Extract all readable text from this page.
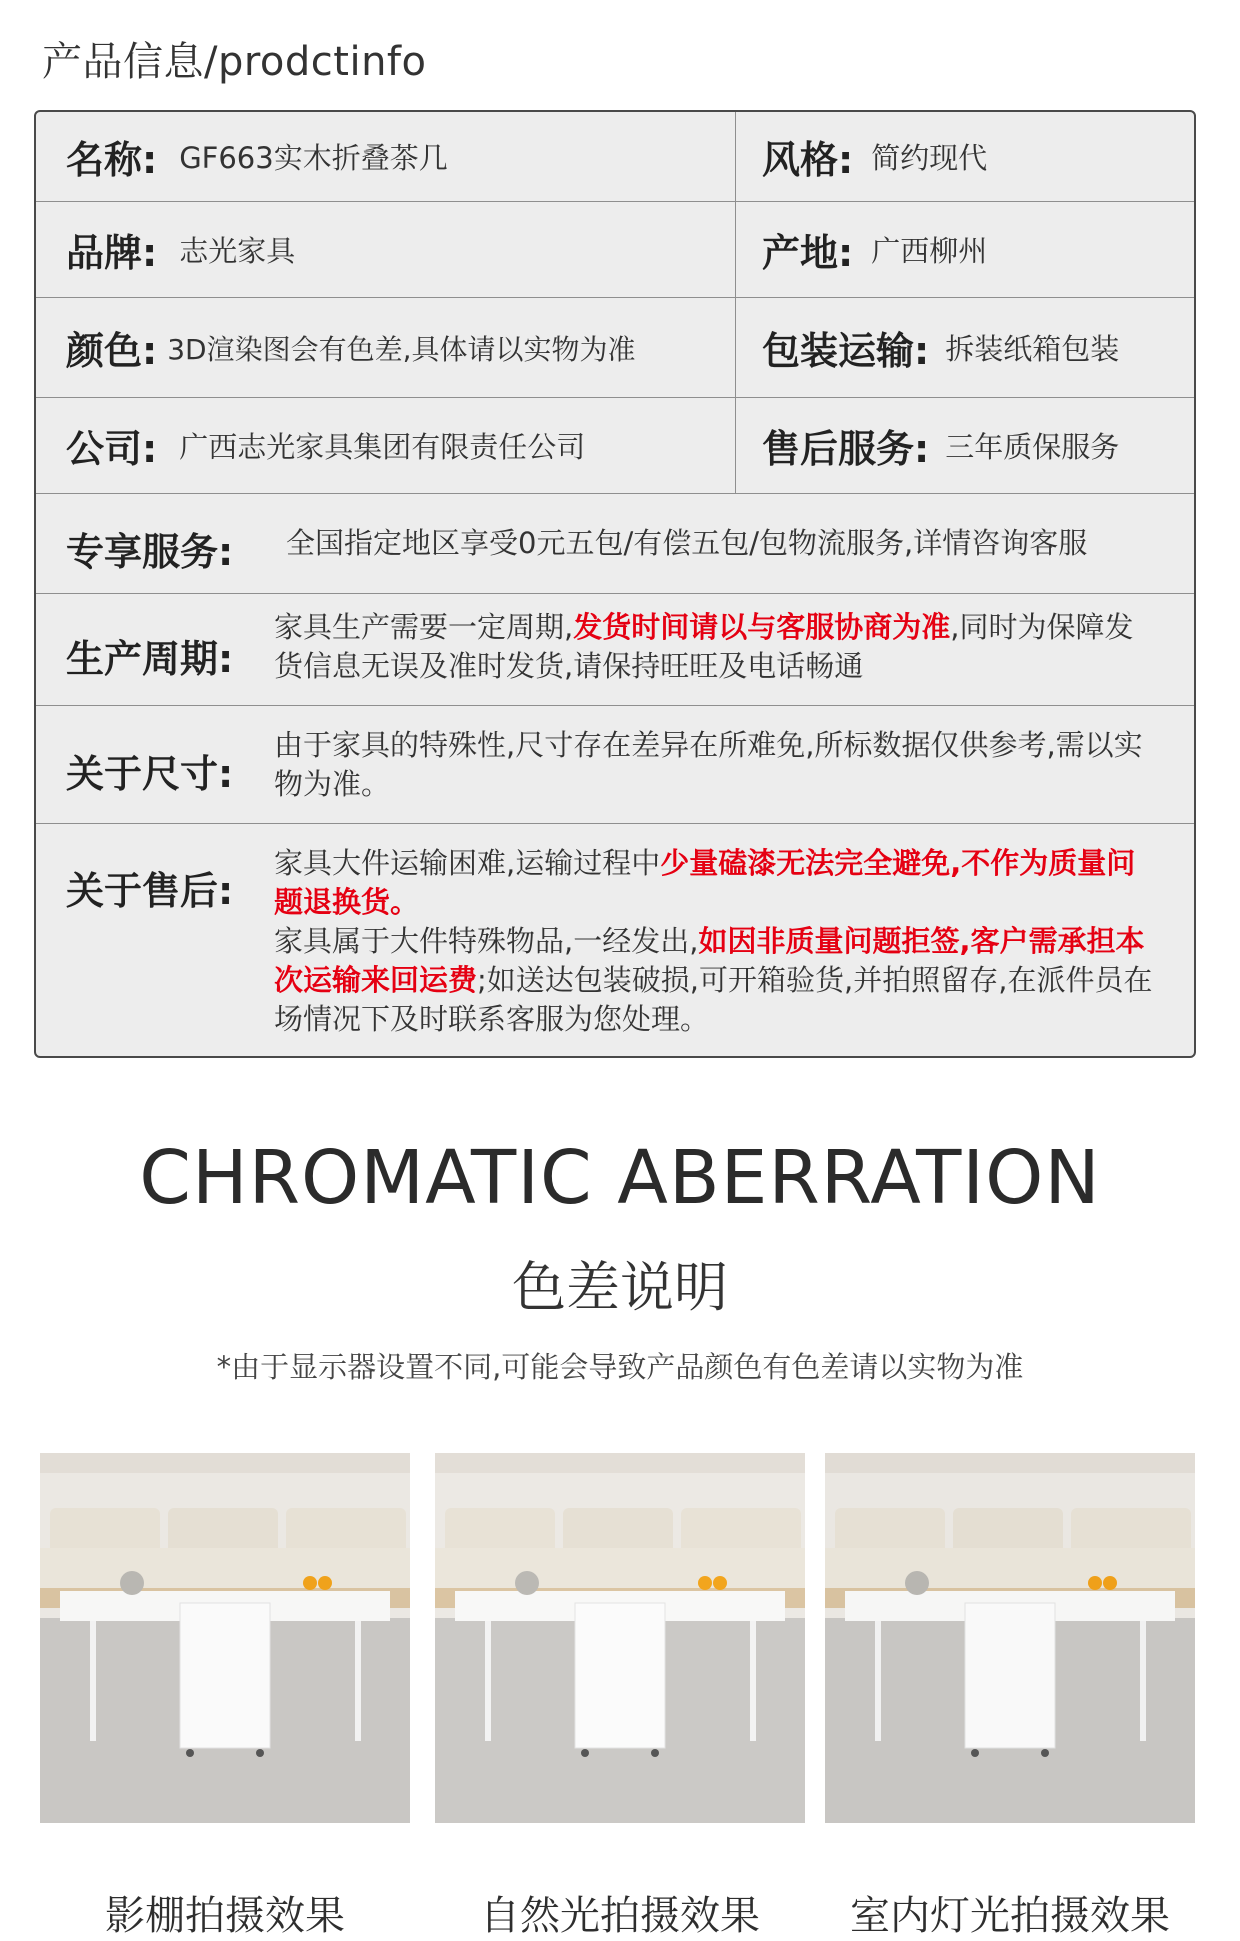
产品信息/prodctinfo
名称: GF663实木折叠茶几	风格: 简约现代
品牌: 志光家具	产地: 广西柳州
颜色: 3D渲染图会有色差,具体请以实物为准	包装运输: 拆装纸箱包装
公司: 广西志光家具集团有限责任公司	售后服务: 三年质保服务
专享服务: 全国指定地区享受0元五包/有偿五包/包物流服务,详情咨询客服
生产周期:
家具生产需要一定周期,发货时间请以与客服协商为准,同时为保障发货信息无误及准时发货,请保持旺旺及电话畅通
关于尺寸:
由于家具的特殊性,尺寸存在差异在所难免,所标数据仅供参考,需以实物为准。
关于售后:
家具大件运输困难,运输过程中少量磕漆无法完全避免,不作为质量问题退换货。
家具属于大件特殊物品,一经发出,如因非质量问题拒签,客户需承担本次运输来回运费;如送达包装破损,可开箱验货,并拍照留存,在派件员在场情况下及时联系客服为您处理。
CHROMATIC ABERRATION
色差说明
*由于显示器设置不同,可能会导致产品颜色有色差请以实物为准
影棚拍摄效果	自然光拍摄效果	室内灯光拍摄效果
